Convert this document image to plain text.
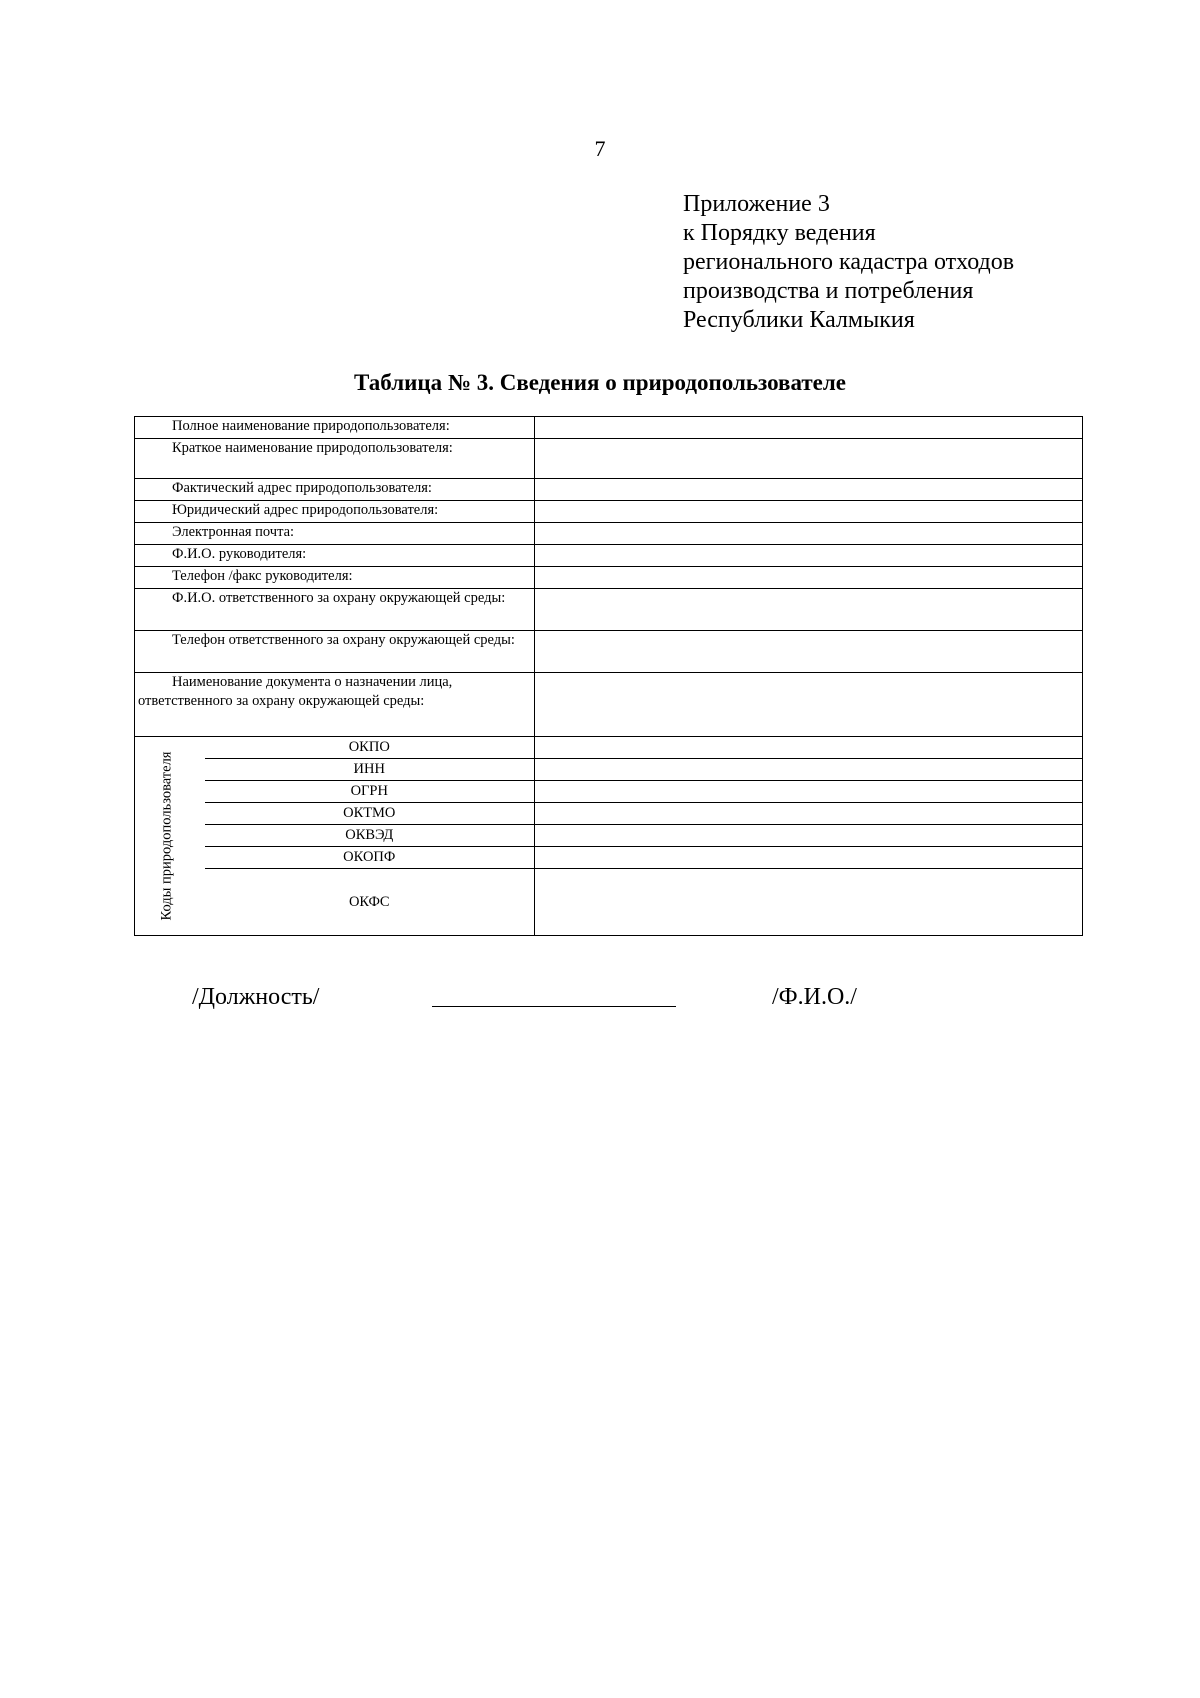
7
Приложение 3
к Порядку ведения
регионального кадастра отходов
производства и потребления
Республики Калмыкия
Таблица № 3. Сведения о природопользователе
Полное наименование природопользователя:		
Краткое наименование природопользователя:		
Фактический адрес природопользователя:		
Юридический адрес природопользователя:		
Электронная почта:		
Ф.И.О. руководителя:		
Телефон /факс руководителя:		
Ф.И.О. ответственного за охрану окружающей среды:		
Телефон ответственного за охрану окружающей среды:		
Наименование документа о назначении лица, ответственного за охрану окружающей среды:		

Коды природопользователя	ОКПО	
	ИНН	
	ОГРН	
	ОКТМО	
	ОКВЭД	
	ОКОПФ	
	ОКФС	
/Должность/	/Ф.И.О./
